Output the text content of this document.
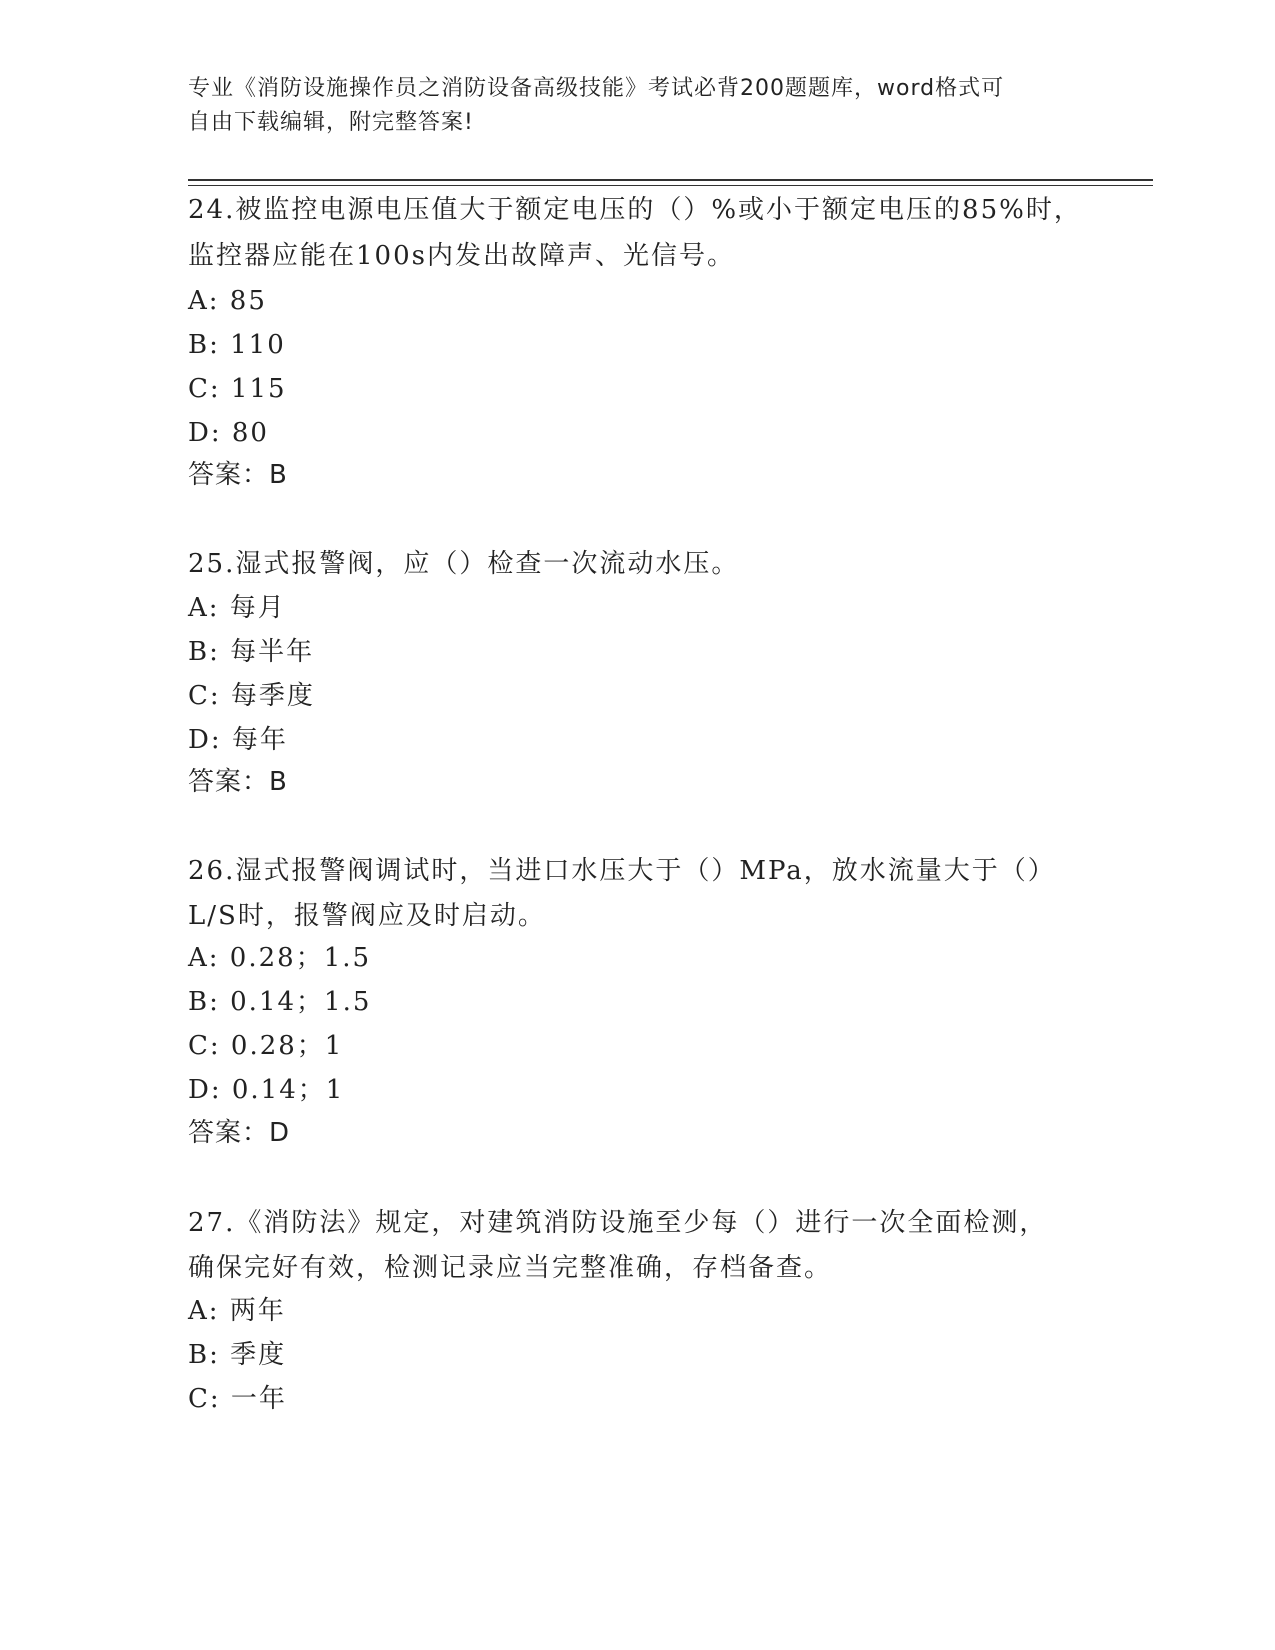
专业《消防设施操作员之消防设备高级技能》考试必背200题题库，word格式可
自由下载编辑，附完整答案!
24.被监控电源电压值大于额定电压的（）%或小于额定电压的85%时，
监控器应能在100s内发出故障声、光信号。
A: 85
B: 110
C: 115
D: 80
答案：B
25.湿式报警阀，应（）检查一次流动水压。
A: 每月
B: 每半年
C: 每季度
D: 每年
答案：B
26.湿式报警阀调试时，当进口水压大于（）MPa，放水流量大于（）
L/S时，报警阀应及时启动。
A: 0.28；1.5
B: 0.14；1.5
C: 0.28；1
D: 0.14；1
答案：D
27.《消防法》规定，对建筑消防设施至少每（）进行一次全面检测，
确保完好有效，检测记录应当完整准确，存档备查。
A: 两年
B: 季度
C: 一年
